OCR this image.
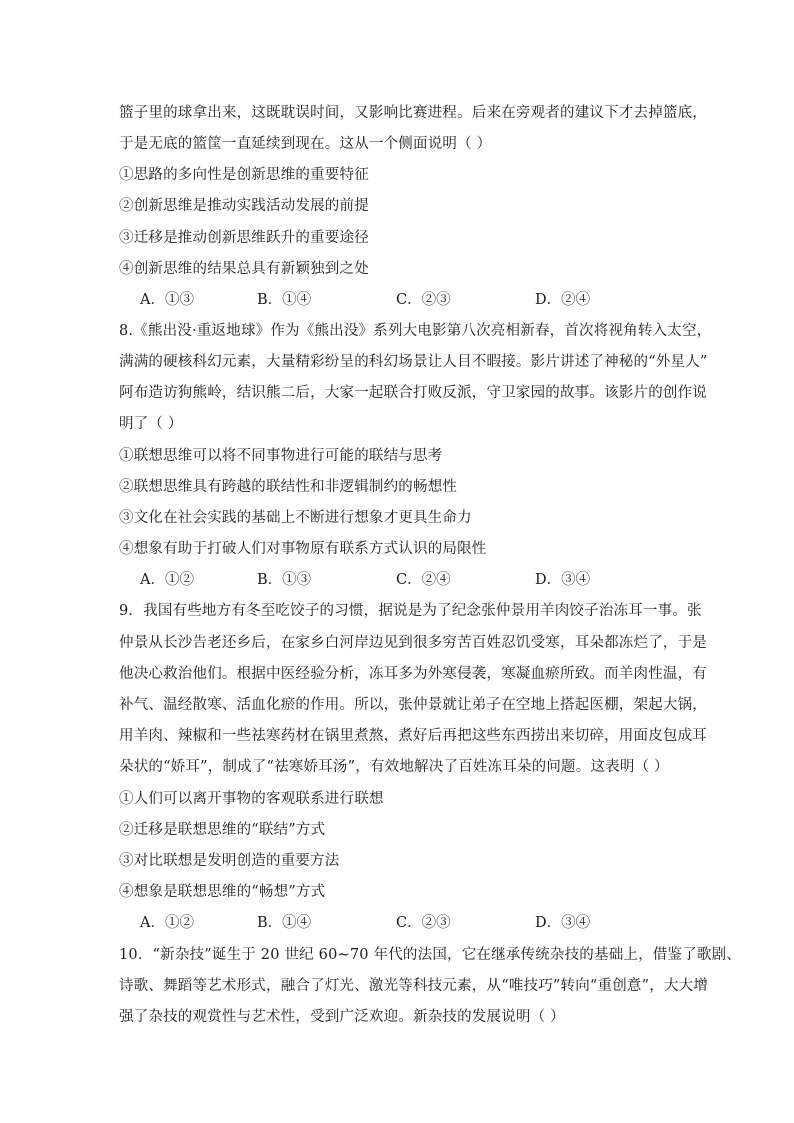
篮子里的球拿出来，这既耽误时间，又影响比赛进程。后来在旁观者的建议下才去掉篮底，
于是无底的篮筐一直延续到现在。这从一个侧面说明（ ）
①思路的多向性是创新思维的重要特征
②创新思维是推动实践活动发展的前提
③迁移是推动创新思维跃升的重要途径
④创新思维的结果总具有新颖独到之处
A．①③	B．①④	C．②③	D．②④
8.《熊出没·重返地球》作为《熊出没》系列大电影第八次亮相新春，首次将视角转入太空，
满满的硬核科幻元素，大量精彩纷呈的科幻场景让人目不暇接。影片讲述了神秘的“外星人”
阿布造访狗熊岭，结识熊二后，大家一起联合打败反派，守卫家园的故事。该影片的创作说
明了（ ）
①联想思维可以将不同事物进行可能的联结与思考
②联想思维具有跨越的联结性和非逻辑制约的畅想性
③文化在社会实践的基础上不断进行想象才更具生命力
④想象有助于打破人们对事物原有联系方式认识的局限性
A．①②	B．①③	C．②④	D．③④
9．我国有些地方有冬至吃饺子的习惯，据说是为了纪念张仲景用羊肉饺子治冻耳一事。张
仲景从长沙告老还乡后，在家乡白河岸边见到很多穷苦百姓忍饥受寒，耳朵都冻烂了，于是
他决心救治他们。根据中医经验分析，冻耳多为外寒侵袭，寒凝血瘀所致。而羊肉性温，有
补气、温经散寒、活血化瘀的作用。所以，张仲景就让弟子在空地上搭起医棚，架起大锅，
用羊肉、辣椒和一些祛寒药材在锅里煮熬，煮好后再把这些东西捞出来切碎，用面皮包成耳
朵状的“娇耳”，制成了“祛寒娇耳汤”，有效地解决了百姓冻耳朵的问题。这表明（ ）
①人们可以离开事物的客观联系进行联想
②迁移是联想思维的“联结”方式
③对比联想是发明创造的重要方法
④想象是联想思维的“畅想”方式
A．①②	B．①④	C．②③	D．③④
10．“新杂技”诞生于 20 世纪 60~70 年代的法国，它在继承传统杂技的基础上，借鉴了歌剧、
诗歌、舞蹈等艺术形式，融合了灯光、激光等科技元素，从“唯技巧”转向“重创意”，大大增
强了杂技的观赏性与艺术性，受到广泛欢迎。新杂技的发展说明（ ）
